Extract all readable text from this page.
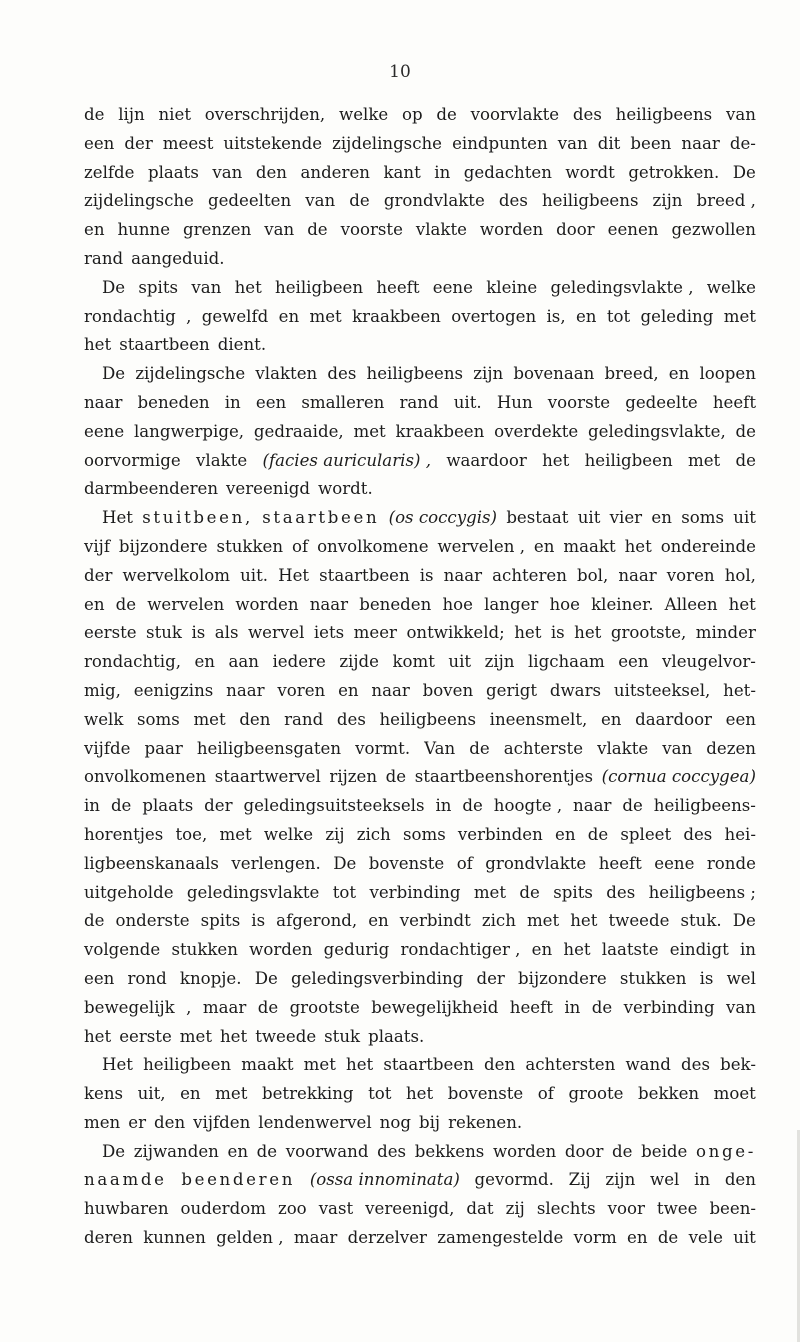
10
de lijn niet overschrijden, welke op de voorvlakte des heiligbeens van
een der meest uitstekende zijdelingsche eindpunten van dit been naar de-
zelfde plaats van den anderen kant in gedachten wordt getrokken. De
zijdelingsche gedeelten van de grondvlakte des heiligbeens zijn breed ,
en hunne grenzen van de voorste vlakte worden door eenen gezwollen
rand aangeduid.
De spits van het heiligbeen heeft eene kleine geledingsvlakte , welke
rondachtig , gewelfd en met kraakbeen overtogen is, en tot geleding met
het staartbeen dient.
De zijdelingsche vlakten des heiligbeens zijn bovenaan breed, en loopen
naar beneden in een smalleren rand uit. Hun voorste gedeelte heeft
eene langwerpige, gedraaide, met kraakbeen overdekte geledingsvlakte, de
oorvormige vlakte (facies auricularis) , waardoor het heiligbeen met de
darmbeenderen vereenigd wordt.
Het stuitbeen, staartbeen (os coccygis) bestaat uit vier en soms uit
vijf bijzondere stukken of onvolkomene wervelen , en maakt het ondereinde
der wervelkolom uit. Het staartbeen is naar achteren bol, naar voren hol,
en de wervelen worden naar beneden hoe langer hoe kleiner. Alleen het
eerste stuk is als wervel iets meer ontwikkeld; het is het grootste, minder
rondachtig, en aan iedere zijde komt uit zijn ligchaam een vleugelvor-
mig, eenigzins naar voren en naar boven gerigt dwars uitsteeksel, het-
welk soms met den rand des heiligbeens ineensmelt, en daardoor een
vijfde paar heiligbeensgaten vormt. Van de achterste vlakte van dezen
onvolkomenen staartwervel rijzen de staartbeenshorentjes (cornua coccygea)
in de plaats der geledingsuitsteeksels in de hoogte , naar de heiligbeens-
horentjes toe, met welke zij zich soms verbinden en de spleet des hei-
ligbeenskanaals verlengen. De bovenste of grondvlakte heeft eene ronde
uitgeholde geledingsvlakte tot verbinding met de spits des heiligbeens ;
de onderste spits is afgerond, en verbindt zich met het tweede stuk. De
volgende stukken worden gedurig rondachtiger , en het laatste eindigt in
een rond knopje. De geledingsverbinding der bijzondere stukken is wel
bewegelijk , maar de grootste bewegelijkheid heeft in de verbinding van
het eerste met het tweede stuk plaats.
Het heiligbeen maakt met het staartbeen den achtersten wand des bek-
kens uit, en met betrekking tot het bovenste of groote bekken moet
men er den vijfden lendenwervel nog bij rekenen.
De zijwanden en de voorwand des bekkens worden door de beide onge-
naamde beenderen (ossa innominata) gevormd. Zij zijn wel in den
huwbaren ouderdom zoo vast vereenigd, dat zij slechts voor twee been-
deren kunnen gelden , maar derzelver zamengestelde vorm en de vele uit
